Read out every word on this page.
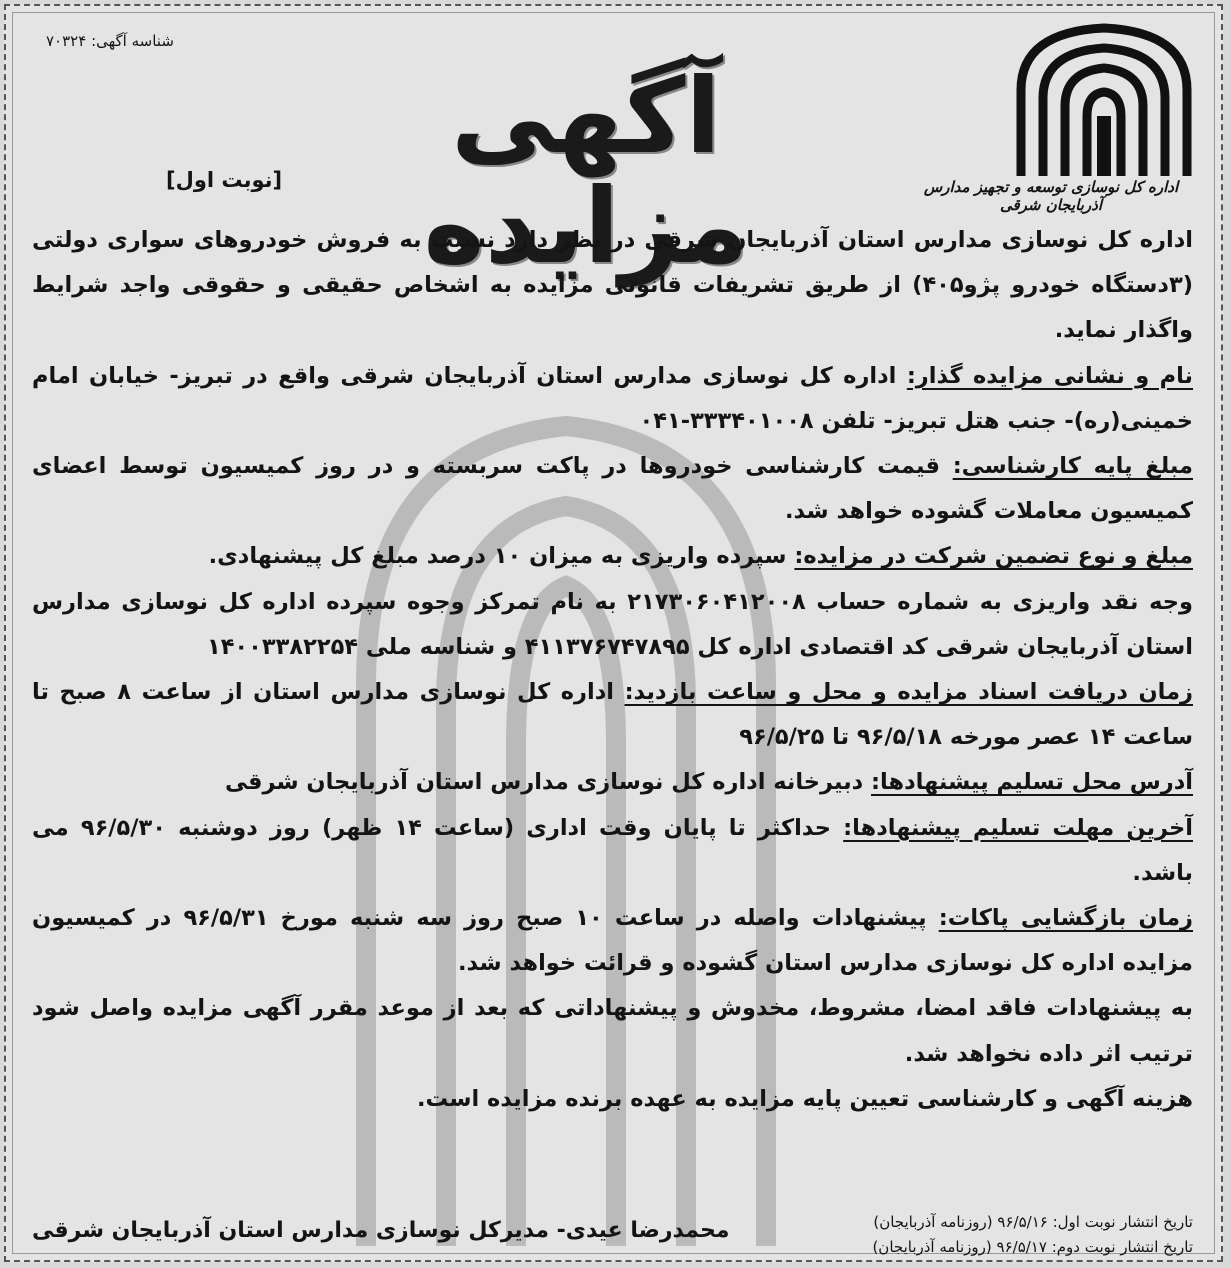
شناسه آگهی: ۷۰۳۲۴
آگهی مزایده
[نوبت اول]	اداره کل نوسازی توسعه و تجهیز مدارس آذربایجان شرقی

اداره کل نوسازی مدارس استان آذربایجان شرقی در نظر دارد نسبت به فروش خودروهای سواری دولتی (۳دستگاه خودرو پژو۴۰۵) از طریق تشریفات قانونی مزایده به اشخاص حقیقی و حقوقی واجد شرایط واگذار نماید.

نام و نشانی مزایده گذار: اداره کل نوسازی مدارس استان آذربایجان شرقی واقع در تبریز- خیابان امام خمینی(ره)- جنب هتل تبریز- تلفن ۳۳۳۴۰۱۰۰۸-۰۴۱

مبلغ پایه کارشناسی: قیمت کارشناسی خودروها در پاکت سربسته و در روز کمیسیون توسط اعضای کمیسیون معاملات گشوده خواهد شد.

مبلغ و نوع تضمین شرکت در مزایده: سپرده واریزی به میزان ۱۰ درصد مبلغ کل پیشنهادی.

وجه نقد واریزی به شماره حساب ۲۱۷۳۰۶۰۴۱۲۰۰۸ به نام تمرکز وجوه سپرده اداره کل نوسازی مدارس استان آذربایجان شرقی کد اقتصادی اداره کل ۴۱۱۳۷۶۷۴۷۸۹۵ و شناسه ملی ۱۴۰۰۳۳۸۲۲۵۴

زمان دریافت اسناد مزایده و محل و ساعت بازدید: اداره کل نوسازی مدارس استان از ساعت ۸ صبح تا ساعت ۱۴ عصر مورخه ۹۶/۵/۱۸ تا ۹۶/۵/۲۵

آدرس محل تسلیم پیشنهادها: دبیرخانه اداره کل نوسازی مدارس استان آذربایجان شرقی

آخرین مهلت تسلیم پیشنهادها: حداکثر تا پایان وقت اداری (ساعت ۱۴ ظهر) روز دوشنبه ۹۶/۵/۳۰ می باشد.

زمان بازگشایی پاکات: پیشنهادات واصله در ساعت ۱۰ صبح روز سه شنبه مورخ ۹۶/۵/۳۱ در کمیسیون مزایده اداره کل نوسازی مدارس استان گشوده و قرائت خواهد شد.

به پیشنهادات فاقد امضا، مشروط، مخدوش و پیشنهاداتی که بعد از موعد مقرر آگهی مزایده واصل شود ترتیب اثر داده نخواهد شد.

هزینه آگهی و کارشناسی تعیین پایه مزایده به عهده برنده مزایده است.

تاریخ انتشار نوبت اول: ۹۶/۵/۱۶ (روزنامه آذربایجان)
تاریخ انتشار نوبت دوم: ۹۶/۵/۱۷ (روزنامه آذربایجان)
محمدرضا عیدی- مدیرکل نوسازی مدارس استان آذربایجان شرقی
